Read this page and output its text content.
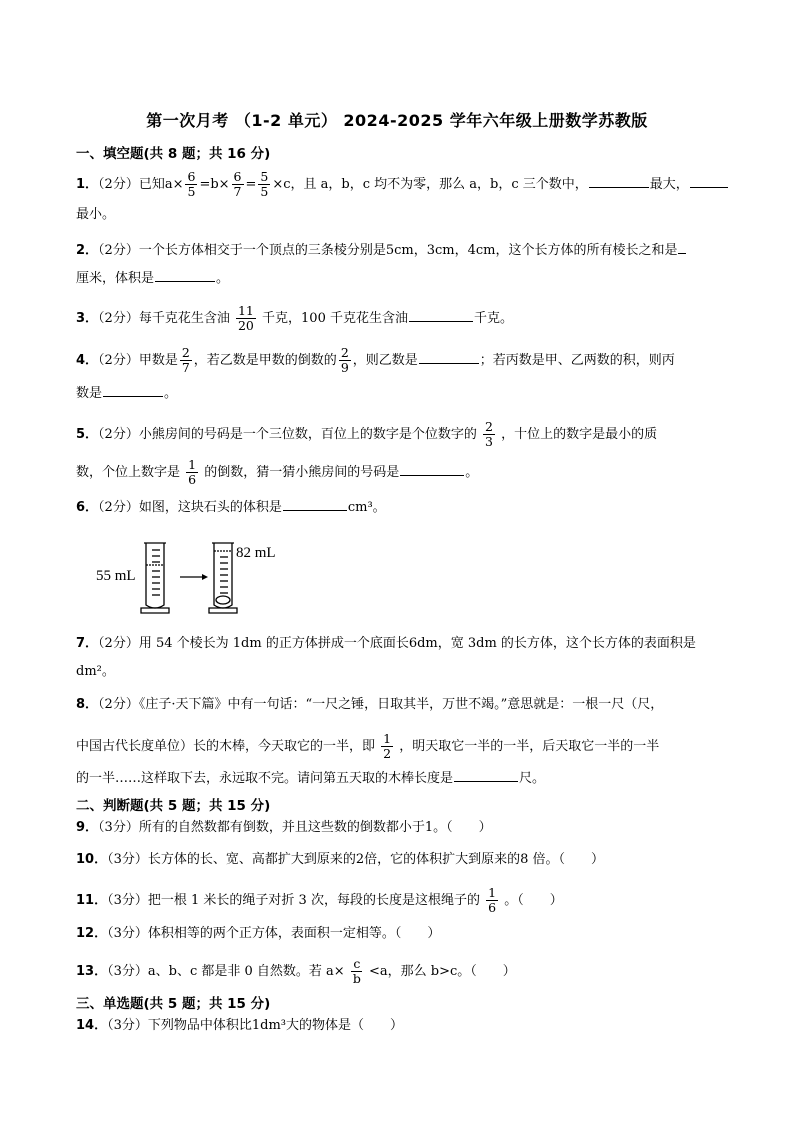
第一次月考 （1-2 单元） 2024-2025 学年六年级上册数学苏教版
一、填空题(共 8 题；共 16 分)
1．（2分）已知$a\times \frac{6}{5} =b\times \frac{6}{7} = \frac{5}{5} \times c$，且 a，b，c 均不为零，那么 a，b，c 三个数中，	最大，
最小。
2．（2分）一个长方体相交于一个顶点的三条棱分别是5cm，3cm，4cm，这个长方体的所有棱长之和是
厘米，体积是	。
3．（2分）每千克花生含油 $\frac{11}{20}$ 千克，100 千克花生含油	千克。
4．（2分）甲数是 $\frac{2}{7}$ ，若乙数是甲数的倒数的 $\frac{2}{9}$ ，则乙数是	；若丙数是甲、乙两数的积，则丙
数是	。
5．（2分）小熊房间的号码是一个三位数，百位上的数字是个位数字的 $\frac{2}{3}$ ，十位上的数字是最小的质
数，个位上数字是 $\frac{1}{6}$ 的倒数，猜一猜小熊房间的号码是	。
6．（2分）如图，这块石头的体积是	cm³。
55 mL
82 mL
7．（2分）用 54 个棱长为 1dm 的正方体拼成一个底面长6dm，宽 3dm 的长方体，这个长方体的表面积是
dm²。
8．（2分）《庄子·天下篇》中有一句话：“一尺之锤，日取其半，万世不竭。”意思就是：一根一尺（尺，
中国古代长度单位）长的木棒，今天取它的一半，即 $\frac{1}{2}$ ，明天取它一半的一半，后天取它一半的一半
的一半……这样取下去，永远取不完。请问第五天取的木棒长度是	尺。
二、判断题(共 5 题；共 15 分)
9．（3分）所有的自然数都有倒数，并且这些数的倒数都小于1。（　　）
10．（3分）长方体的长、宽、高都扩大到原来的2倍，它的体积扩大到原来的8 倍。（　　）
11．（3分）把一根 1 米长的绳子对折 3 次，每段的长度是这根绳子的 $\frac{1}{6}$ 。（　　）
12．（3分）体积相等的两个正方体，表面积一定相等。（　　）
13．（3分）a、b、c 都是非 0 自然数。若 $a\times \frac{c}{b} <a$，那么 b>c。（　　）
三、单选题(共 5 题；共 15 分)
14．（3分）下列物品中体积比1dm³大的物体是（　　）
